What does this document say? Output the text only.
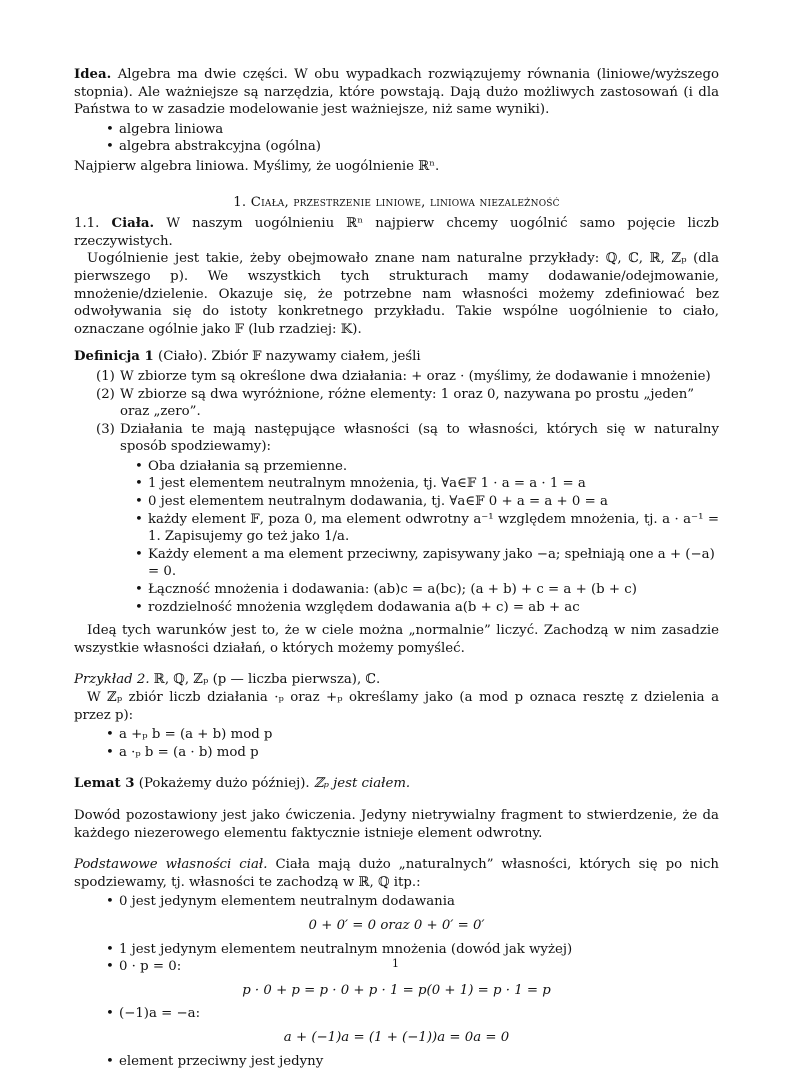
Idea. Algebra ma dwie części. W obu wypadkach rozwiązujemy równania (liniowe/wyższego stopnia). Ale ważniejsze są narzędzia, które powstają. Dają dużo możliwych zastosowań (i dla Państwa to w zasadzie modelowanie jest ważniejsze, niż same wyniki).

• algebra liniowa
• algebra abstrakcyjna (ogólna)

Najpierw algebra liniowa. Myślimy, że uogólnienie ℝⁿ.

1. Ciała, przestrzenie liniowe, liniowa niezależność

1.1. Ciała. W naszym uogólnieniu ℝⁿ najpierw chcemy uogólnić samo pojęcie liczb rzeczywistych.

Uogólnienie jest takie, żeby obejmowało znane nam naturalne przykłady: ℚ, ℂ, ℝ, ℤₚ (dla pierwszego p). We wszystkich tych strukturach mamy dodawanie/odejmowanie, mnożenie/dzielenie. Okazuje się, że potrzebne nam własności możemy zdefiniować bez odwoływania się do istoty konkretnego przykładu. Takie wspólne uogólnienie to ciało, oznaczane ogólnie jako 𝔽 (lub rzadziej: 𝕂).

Definicja 1 (Ciało). Zbiór 𝔽 nazywamy ciałem, jeśli

(1) W zbiorze tym są określone dwa działania: + oraz · (myślimy, że dodawanie i mnożenie)
(2) W zbiorze są dwa wyróżnione, różne elementy: 1 oraz 0, nazywana po prostu „jeden” oraz „zero”.
(3) Działania te mają następujące własności (są to własności, których się w naturalny sposób spodziewamy):
• Oba działania są przemienne.
• 1 jest elementem neutralnym mnożenia, tj. ∀a∈𝔽 1 · a = a · 1 = a
• 0 jest elementem neutralnym dodawania, tj. ∀a∈𝔽 0 + a = a + 0 = a
• każdy element 𝔽, poza 0, ma element odwrotny a⁻¹ względem mnożenia, tj. a · a⁻¹ = 1. Zapisujemy go też jako 1/a.
• Każdy element a ma element przeciwny, zapisywany jako −a; spełniają one a + (−a) = 0.
• Łączność mnożenia i dodawania: (ab)c = a(bc); (a + b) + c = a + (b + c)
• rozdzielność mnożenia względem dodawania a(b + c) = ab + ac

Ideą tych warunków jest to, że w ciele można „normalnie” liczyć. Zachodzą w nim zasadzie wszystkie własności działań, o których możemy pomyśleć.

Przykład 2. ℝ, ℚ, ℤₚ (p — liczba pierwsza), ℂ.

W ℤₚ zbiór liczb działania ·ₚ oraz +ₚ określamy jako (a mod p oznaca resztę z dzielenia a przez p):

• a +ₚ b = (a + b) mod p
• a ·ₚ b = (a · b) mod p

Lemat 3 (Pokażemy dużo później). ℤₚ jest ciałem.

Dowód pozostawiony jest jako ćwiczenia. Jedyny nietrywialny fragment to stwierdzenie, że da każdego niezerowego elementu faktycznie istnieje element odwrotny.

Podstawowe własności ciał. Ciała mają dużo „naturalnych” własności, których się po nich spodziewamy, tj. własności te zachodzą w ℝ, ℚ itp.:

• 0 jest jedynym elementem neutralnym dodawania
0 + 0′ = 0 oraz 0 + 0′ = 0′
• 1 jest jedynym elementem neutralnym mnożenia (dowód jak wyżej)
• 0 · p = 0:
p · 0 + p = p · 0 + p · 1 = p(0 + 1) = p · 1 = p
• (−1)a = −a:
a + (−1)a = (1 + (−1))a = 0a = 0
• element przeciwny jest jedyny
1
